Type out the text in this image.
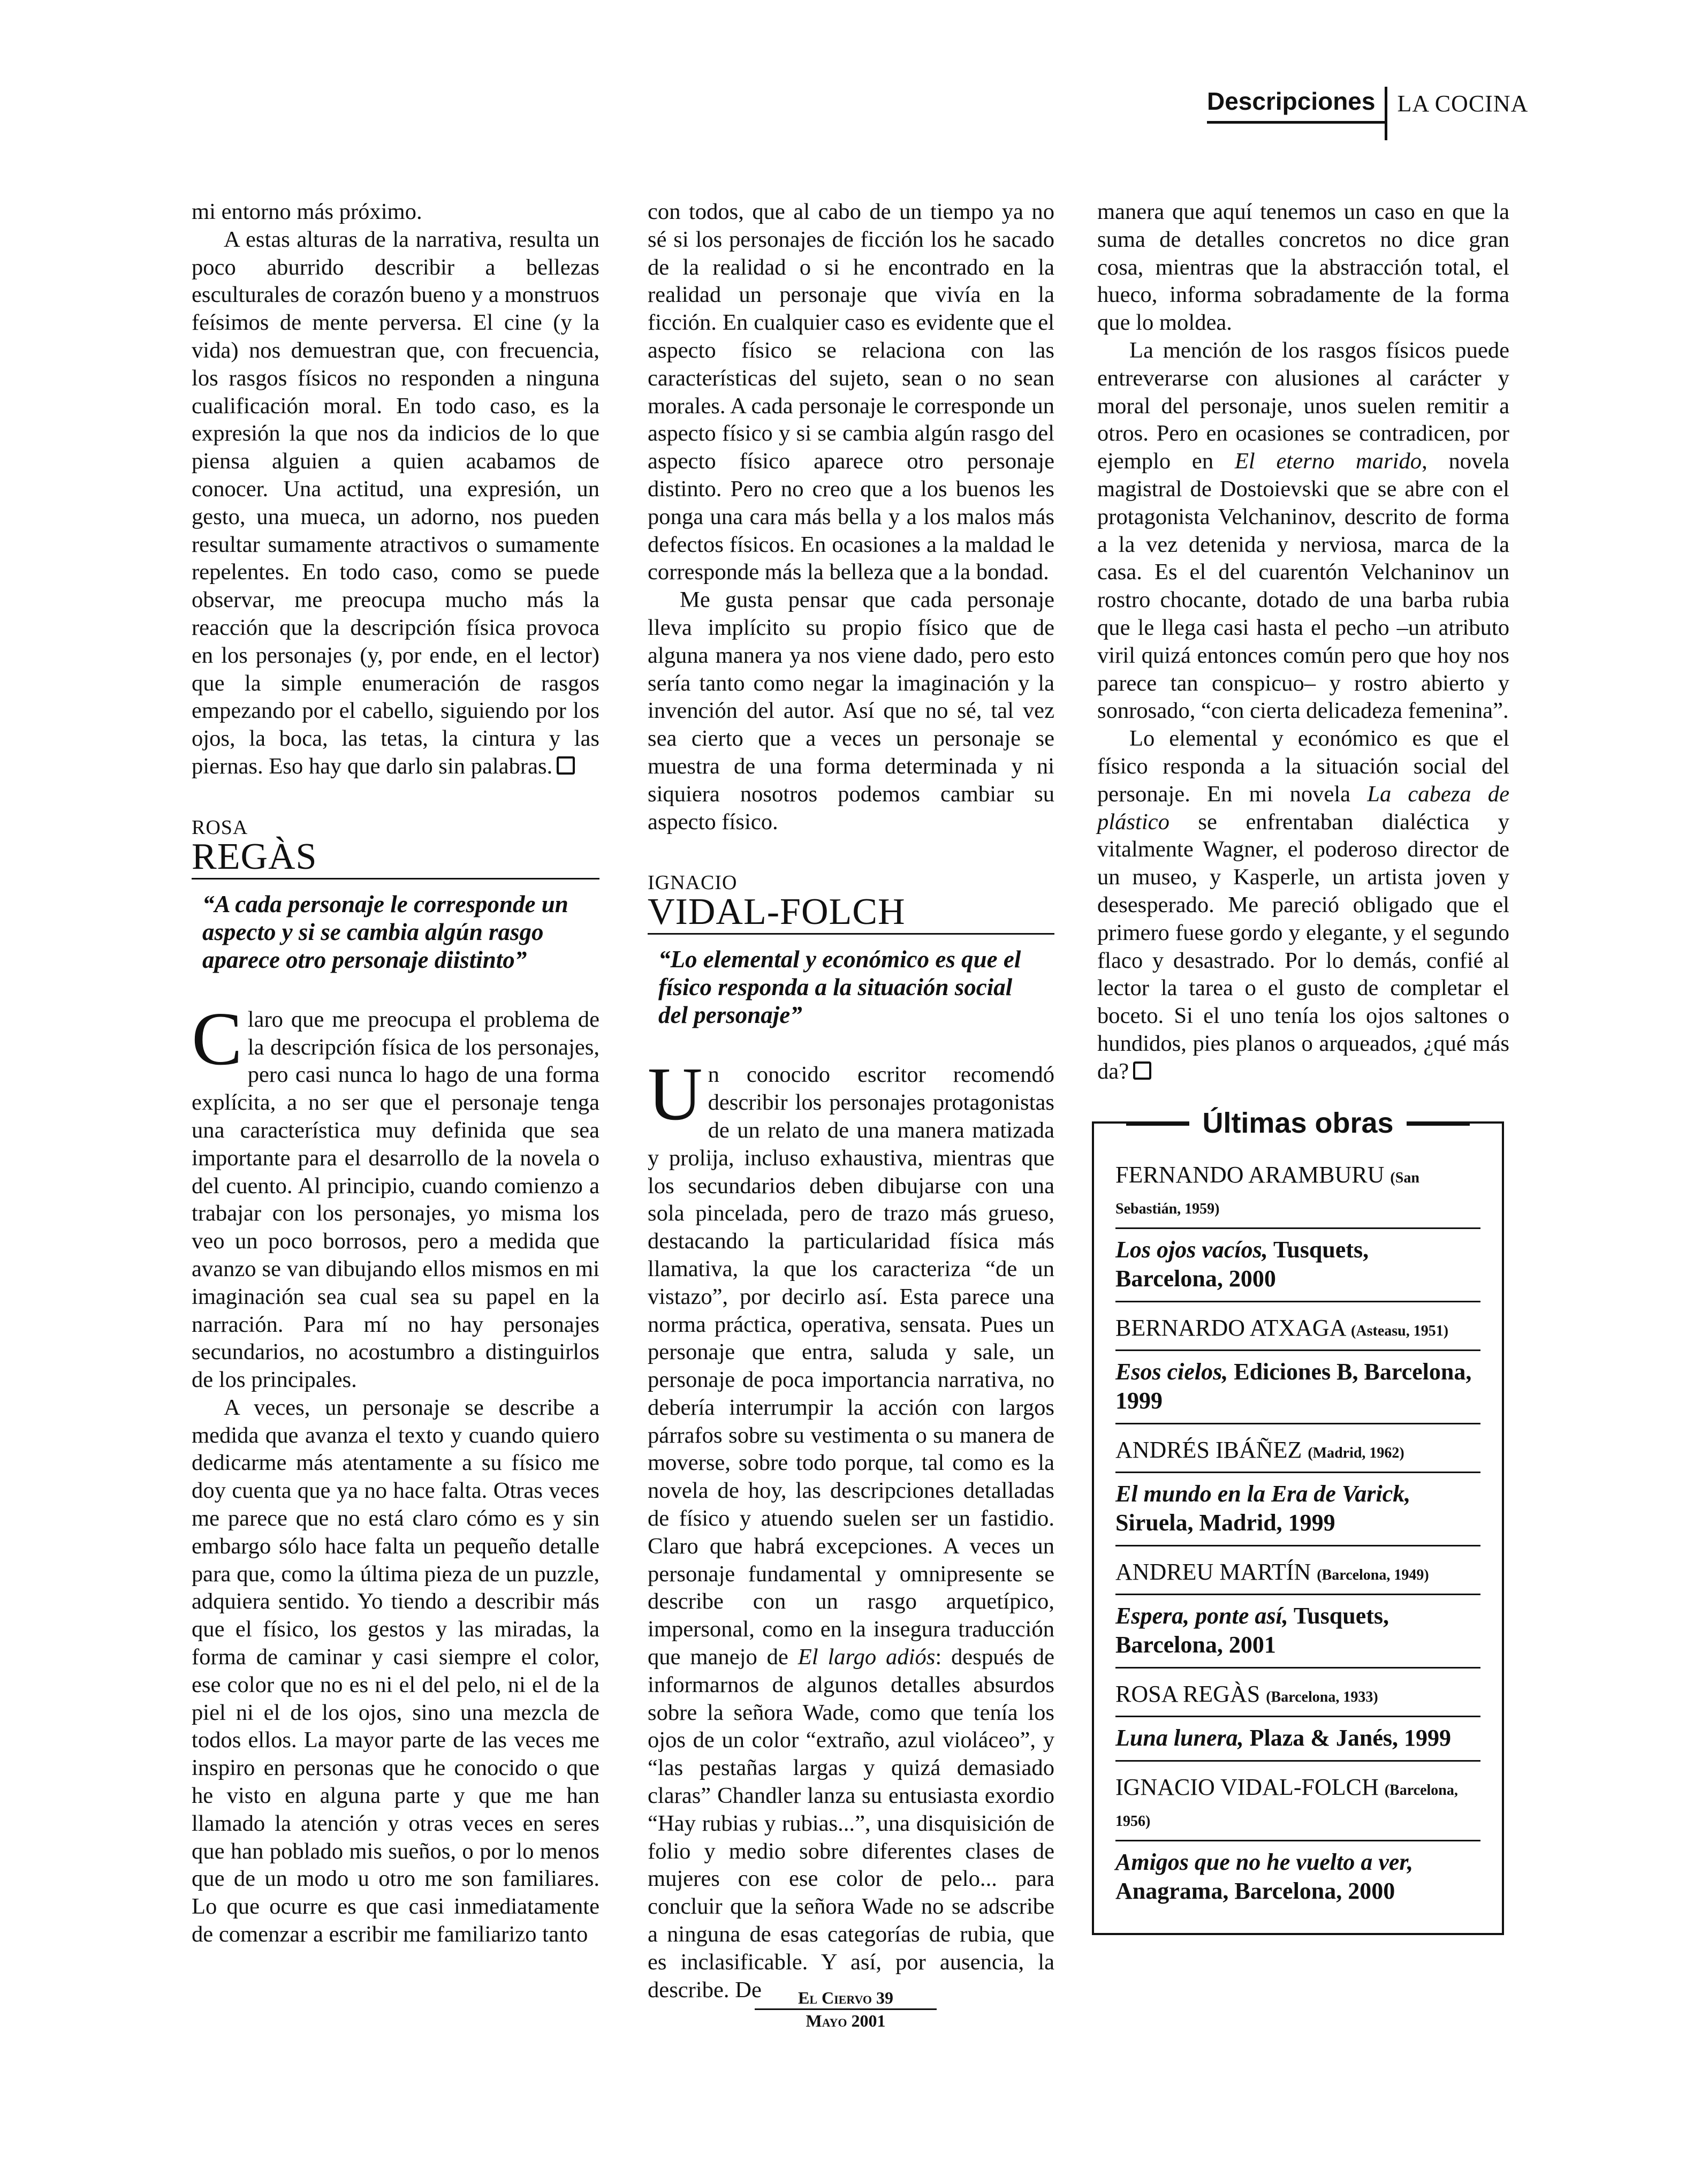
Descripciones LA COCINA

mi entorno más próximo.

A estas alturas de la narrativa, resulta un poco aburrido describir a bellezas esculturales de corazón bueno y a monstruos feísimos de mente perversa. El cine (y la vida) nos demuestran que, con frecuencia, los rasgos físicos no responden a ninguna cualificación moral. En todo caso, es la expresión la que nos da indicios de lo que piensa alguien a quien acabamos de conocer. Una actitud, una expresión, un gesto, una mueca, un adorno, nos pueden resultar sumamente atractivos o sumamente repelentes. En todo caso, como se puede observar, me preocupa mucho más la reacción que la descripción física provoca en los personajes (y, por ende, en el lector) que la simple enumeración de rasgos empezando por el cabello, siguiendo por los ojos, la boca, las tetas, la cintura y las piernas. Eso hay que darlo sin palabras.

ROSA
REGÀS
“A cada personaje le corresponde un aspecto y si se cambia algún rasgo aparece otro personaje diistinto”

Claro que me preocupa el problema de la descripción física de los personajes, pero casi nunca lo hago de una forma explícita, a no ser que el personaje tenga una característica muy definida que sea importante para el desarrollo de la novela o del cuento. Al principio, cuando comienzo a trabajar con los personajes, yo misma los veo un poco borrosos, pero a medida que avanzo se van dibujando ellos mismos en mi imaginación sea cual sea su papel en la narración. Para mí no hay personajes secundarios, no acostumbro a distinguirlos de los principales.

A veces, un personaje se describe a medida que avanza el texto y cuando quiero dedicarme más atentamente a su físico me doy cuenta que ya no hace falta. Otras veces me parece que no está claro cómo es y sin embargo sólo hace falta un pequeño detalle para que, como la última pieza de un puzzle, adquiera sentido. Yo tiendo a describir más que el físico, los gestos y las miradas, la forma de caminar y casi siempre el color, ese color que no es ni el del pelo, ni el de la piel ni el de los ojos, sino una mezcla de todos ellos. La mayor parte de las veces me inspiro en personas que he conocido o que he visto en alguna parte y que me han llamado la atención y otras veces en seres que han poblado mis sueños, o por lo menos que de un modo u otro me son familiares. Lo que ocurre es que casi inmediatamente de comenzar a escribir me familiarizo tanto

con todos, que al cabo de un tiempo ya no sé si los personajes de ficción los he sacado de la realidad o si he encontrado en la realidad un personaje que vivía en la ficción. En cualquier caso es evidente que el aspecto físico se relaciona con las características del sujeto, sean o no sean morales. A cada personaje le corresponde un aspecto físico y si se cambia algún rasgo del aspecto físico aparece otro personaje distinto. Pero no creo que a los buenos les ponga una cara más bella y a los malos más defectos físicos. En ocasiones a la maldad le corresponde más la belleza que a la bondad.

Me gusta pensar que cada personaje lleva implícito su propio físico que de alguna manera ya nos viene dado, pero esto sería tanto como negar la imaginación y la invención del autor. Así que no sé, tal vez sea cierto que a veces un personaje se muestra de una forma determinada y ni siquiera nosotros podemos cambiar su aspecto físico.

IGNACIO
VIDAL-FOLCH
“Lo elemental y económico es que el físico responda a la situación social del personaje”

Un conocido escritor recomendó describir los personajes protagonistas de un relato de una manera matizada y prolija, incluso exhaustiva, mientras que los secundarios deben dibujarse con una sola pincelada, pero de trazo más grueso, destacando la particularidad física más llamativa, la que los caracteriza “de un vistazo”, por decirlo así. Esta parece una norma práctica, operativa, sensata. Pues un personaje que entra, saluda y sale, un personaje de poca importancia narrativa, no debería interrumpir la acción con largos párrafos sobre su vestimenta o su manera de moverse, sobre todo porque, tal como es la novela de hoy, las descripciones detalladas de físico y atuendo suelen ser un fastidio. Claro que habrá excepciones. A veces un personaje fundamental y omnipresente se describe con un rasgo arquetípico, impersonal, como en la insegura traducción que manejo de El largo adiós: después de informarnos de algunos detalles absurdos sobre la señora Wade, como que tenía los ojos de un color “extraño, azul violáceo”, y “las pestañas largas y quizá demasiado claras” Chandler lanza su entusiasta exordio “Hay rubias y rubias...”, una disquisición de folio y medio sobre diferentes clases de mujeres con ese color de pelo... para concluir que la señora Wade no se adscribe a ninguna de esas categorías de rubia, que es inclasificable. Y así, por ausencia, la describe. De

manera que aquí tenemos un caso en que la suma de detalles concretos no dice gran cosa, mientras que la abstracción total, el hueco, informa sobradamente de la forma que lo moldea.

La mención de los rasgos físicos puede entreverarse con alusiones al carácter y moral del personaje, unos suelen remitir a otros. Pero en ocasiones se contradicen, por ejemplo en El eterno marido, novela magistral de Dostoievski que se abre con el protagonista Velchaninov, descrito de forma a la vez detenida y nerviosa, marca de la casa. Es el del cuarentón Velchaninov un rostro chocante, dotado de una barba rubia que le llega casi hasta el pecho –un atributo viril quizá entonces común pero que hoy nos parece tan conspicuo– y rostro abierto y sonrosado, “con cierta delicadeza femenina”.

Lo elemental y económico es que el físico responda a la situación social del personaje. En mi novela La cabeza de plástico se enfrentaban dialéctica y vitalmente Wagner, el poderoso director de un museo, y Kasperle, un artista joven y desesperado. Me pareció obligado que el primero fuese gordo y elegante, y el segundo flaco y desastrado. Por lo demás, confié al lector la tarea o el gusto de completar el boceto. Si el uno tenía los ojos saltones o hundidos, pies planos o arqueados, ¿qué más da?

Últimas obras
FERNANDO ARAMBURU (San Sebastián, 1959)
Los ojos vacíos, Tusquets, Barcelona, 2000
BERNARDO ATXAGA (Asteasu, 1951)
Esos cielos, Ediciones B, Barcelona, 1999
ANDRÉS IBÁÑEZ (Madrid, 1962)
El mundo en la Era de Varick, Siruela, Madrid, 1999
ANDREU MARTÍN (Barcelona, 1949)
Espera, ponte así, Tusquets, Barcelona, 2001
ROSA REGÀS (Barcelona, 1933)
Luna lunera, Plaza & Janés, 1999
IGNACIO VIDAL-FOLCH (Barcelona, 1956)
Amigos que no he vuelto a ver, Anagrama, Barcelona, 2000
El Ciervo 39
Mayo 2001
